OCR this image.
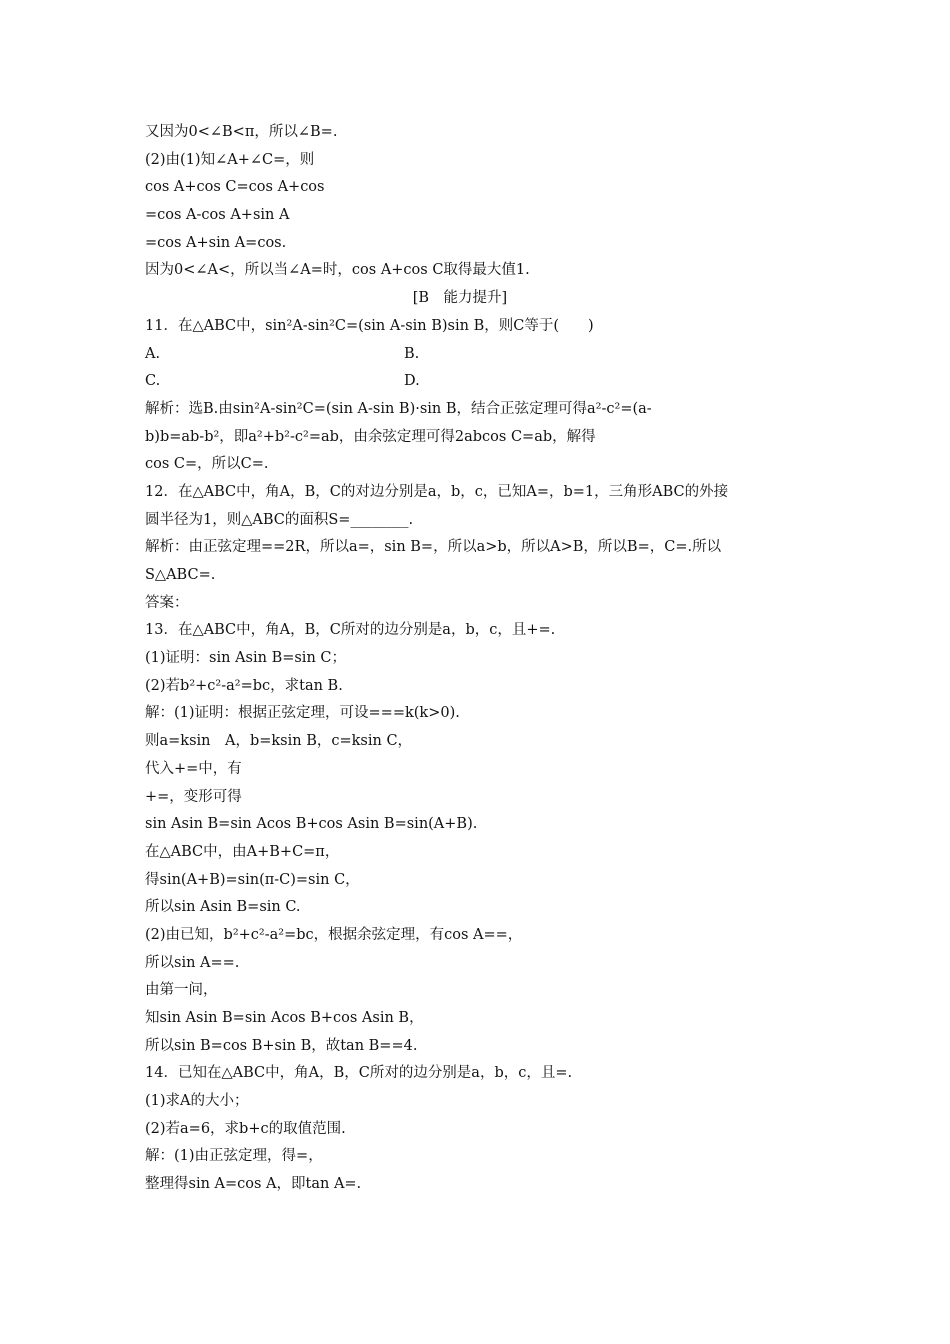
又因为0<∠B<π，所以∠B=.
(2)由(1)知∠A+∠C=，则
cos A+cos C=cos A+cos
=cos A-cos A+sin A
=cos A+sin A=cos.
因为0<∠A<，所以当∠A=时，cos A+cos C取得最大值1.
[B　能力提升]
11．在△ABC中，sin²A-sin²C=(sin A-sin B)sin B，则C等于(　　)
A.	B.
C.	D.
解析：选B.由sin²A-sin²C=(sin A-sin B)·sin B，结合正弦定理可得a²-c²=(a-
b)b=ab-b²，即a²+b²-c²=ab，由余弦定理可得2abcos C=ab，解得
cos C=，所以C=.
12．在△ABC中，角A，B，C的对边分别是a，b，c，已知A=，b=1，三角形ABC的外接
圆半径为1，则△ABC的面积S=________.
解析：由正弦定理==2R，所以a=，sin B=，所以a>b，所以A>B，所以B=，C=.所以
S△ABC=.
答案：
13．在△ABC中，角A，B，C所对的边分别是a，b，c，且+=.
(1)证明：sin Asin B=sin C；
(2)若b²+c²-a²=bc，求tan B.
解：(1)证明：根据正弦定理，可设===k(k>0).
则a=ksin　A，b=ksin B，c=ksin C，
代入+=中，有
+=，变形可得
sin Asin B=sin Acos B+cos Asin B=sin(A+B).
在△ABC中，由A+B+C=π，
得sin(A+B)=sin(π-C)=sin C，
所以sin Asin B=sin C.
(2)由已知，b²+c²-a²=bc，根据余弦定理，有cos A==，
所以sin A==.
由第一问，
知sin Asin B=sin Acos B+cos Asin B，
所以sin B=cos B+sin B，故tan B==4.
14．已知在△ABC中，角A，B，C所对的边分别是a，b，c，且=.
(1)求A的大小；
(2)若a=6，求b+c的取值范围.
解：(1)由正弦定理，得=，
整理得sin A=cos A，即tan A=.
